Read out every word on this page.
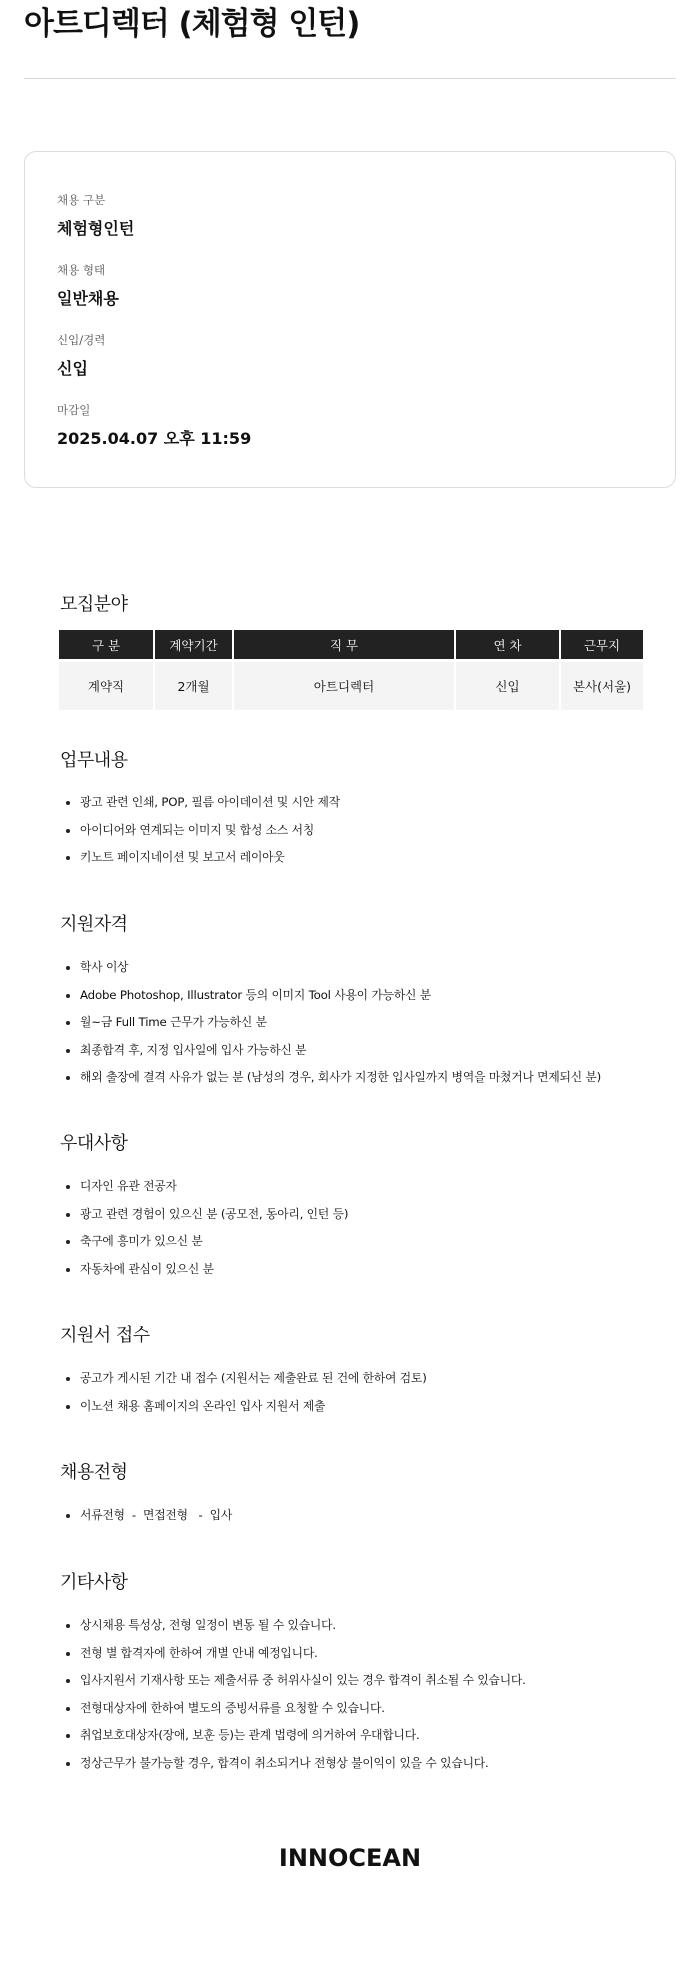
아트디렉터 (체험형 인턴)
채용 구분
체험형인턴
채용 형태
일반채용
신입/경력
신입
마감일
2025.04.07 오후 11:59
모집분야
구 분	계약기간	직 무	연 차	근무지
계약직	2개월	아트디렉터	신입	본사(서울)
업무내용
광고 관련 인쇄, POP, 필름 아이데이션 및 시안 제작
아이디어와 연계되는 이미지 및 합성 소스 서칭
키노트 페이지네이션 및 보고서 레이아웃
지원자격
학사 이상
Adobe Photoshop, Illustrator 등의 이미지 Tool 사용이 가능하신 분
월~금 Full Time 근무가 가능하신 분
최종합격 후, 지정 입사일에 입사 가능하신 분
해외 출장에 결격 사유가 없는 분 (남성의 경우, 회사가 지정한 입사일까지 병역을 마쳤거나 면제되신 분)
우대사항
디자인 유관 전공자
광고 관련 경험이 있으신 분 (공모전, 동아리, 인턴 등)
축구에 흥미가 있으신 분
자동차에 관심이 있으신 분
지원서 접수
공고가 게시된 기간 내 접수 (지원서는 제출완료 된 건에 한하여 검토)
이노션 채용 홈페이지의 온라인 입사 지원서 제출
채용전형
서류전형  -  면접전형   -  입사
기타사항
상시채용 특성상, 전형 일정이 변동 될 수 있습니다.
전형 별 합격자에 한하여 개별 안내 예정입니다.
입사지원서 기재사항 또는 제출서류 중 허위사실이 있는 경우 합격이 취소될 수 있습니다.
전형대상자에 한하여 별도의 증빙서류를 요청할 수 있습니다.
취업보호대상자(장애, 보훈 등)는 관계 법령에 의거하여 우대합니다.
정상근무가 불가능할 경우, 합격이 취소되거나 전형상 불이익이 있을 수 있습니다.
INNOCEAN
